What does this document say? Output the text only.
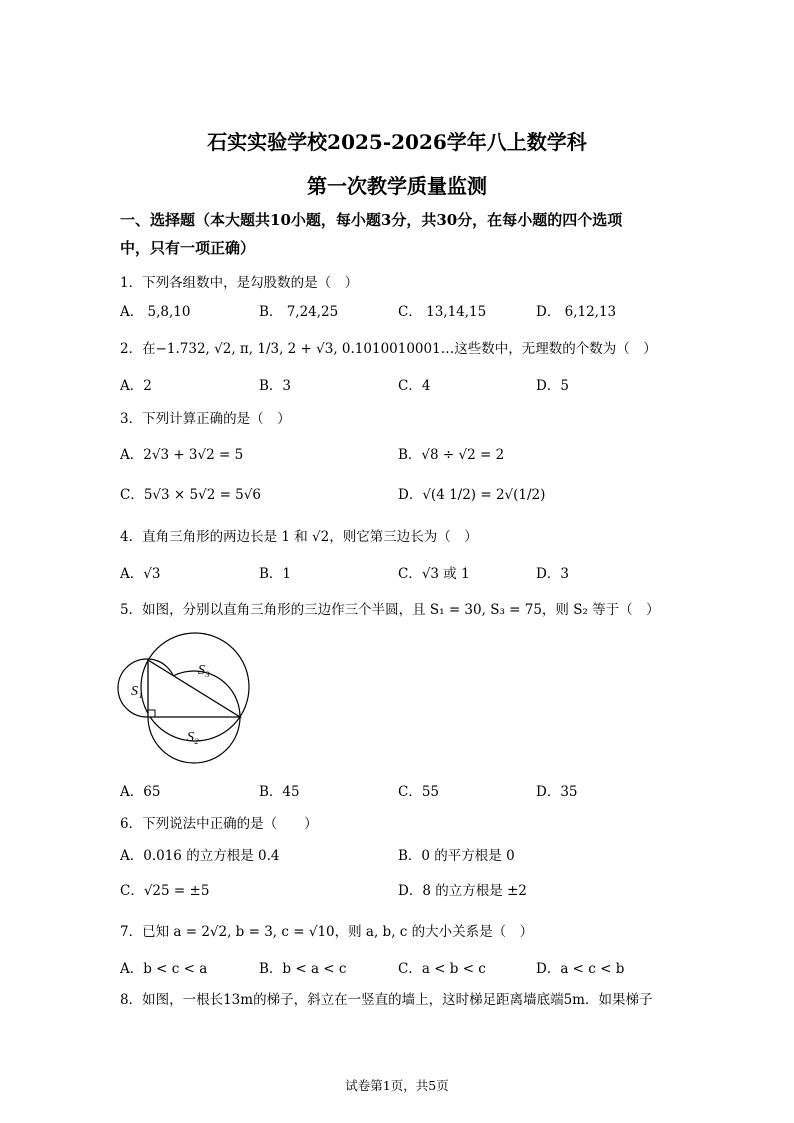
石实实验学校2025-2026学年八上数学科
第一次教学质量监测
一、选择题（本大题共10小题，每小题3分，共30分，在每小题的四个选项
中，只有一项正确）
1．下列各组数中，是勾股数的是（　）
A． 5,8,10	B． 7,24,25	C． 13,14,15	D． 6,12,13
2．在−1.732, √2, π, 1/3, 2 + √3, 0.1010010001…这些数中，无理数的个数为（　）
A．2	B．3	C．4	D．5
3．下列计算正确的是（　）
A．2√3 + 3√2 = 5	B．√8 ÷ √2 = 2
C．5√3 × 5√2 = 5√6	D．√(4 1/2) = 2√(1/2)
4．直角三角形的两边长是 1 和 √2，则它第三边长为（　）
A．√3	B．1	C．√3 或 1	D．3
5．如图，分别以直角三角形的三边作三个半圆，且 S₁ = 30, S₃ = 75，则 S₂ 等于（　）
S₃
S₁
S₂
A．65	B．45	C．55	D．35
6．下列说法中正确的是（　　）
A．0.016 的立方根是 0.4	B．0 的平方根是 0
C．√25 = ±5	D．8 的立方根是 ±2
7．已知 a = 2√2, b = 3, c = √10，则 a, b, c 的大小关系是（　）
A．b < c < a	B．b < a < c	C．a < b < c	D．a < c < b
8．如图，一根长13m的梯子，斜立在一竖直的墙上，这时梯足距离墙底端5m．如果梯子
试卷第1页，共5页
